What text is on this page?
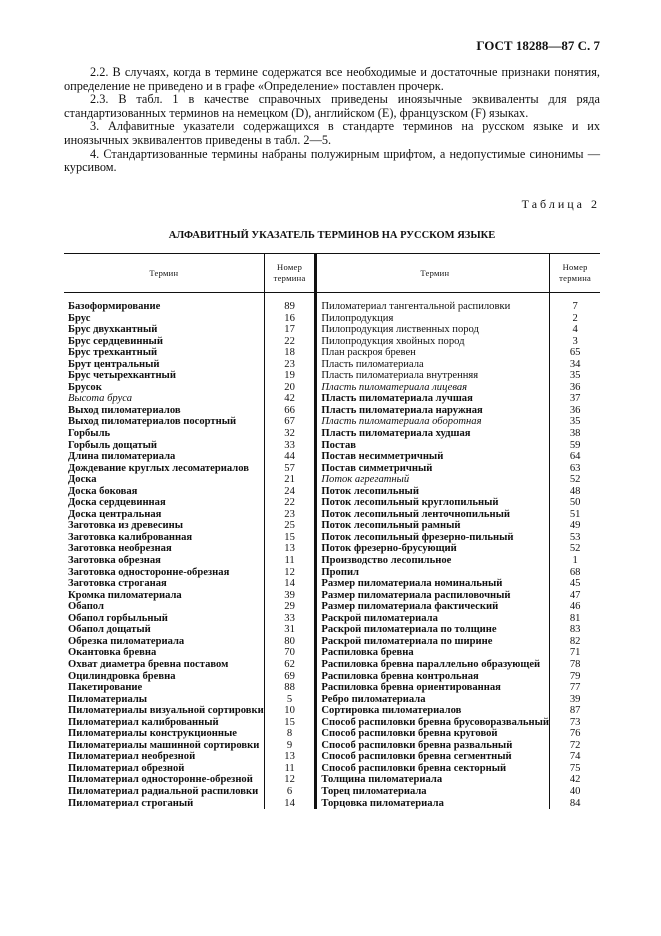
ГОСТ 18288—87 С. 7

2.2. В случаях, когда в термине содержатся все необходимые и достаточные признаки понятия, определение не приведено и в графе «Определение» поставлен прочерк.

2.3. В табл. 1 в качестве справочных приведены иноязычные эквиваленты для ряда стандартизованных терминов на немецком (D), английском (E), французском (F) языках.

3. Алфавитные указатели содержащихся в стандарте терминов на русском языке и их иноязычных эквивалентов приведены в табл. 2—5.

4. Стандартизованные термины набраны полужирным шрифтом, а недопустимые синонимы — курсивом.

Таблица 2
АЛФАВИТНЫЙ УКАЗАТЕЛЬ ТЕРМИНОВ НА РУССКОМ ЯЗЫКЕ
Термин	Номер термина	Термин	Номер термина

Базоформирование	89	Пиломатериал тангентальной распиловки	7
Брус	16	Пилопродукция	2
Брус двухкантный	17	Пилопродукция лиственных пород	4
Брус сердцевинный	22	Пилопродукция хвойных пород	3
Брус трехкантный	18	План раскроя бревен	65
Брут центральный	23	Пласть пиломатериала	34
Брус четырехкантный	19	Пласть пиломатериала внутренняя	35
Брусок	20	Пласть пиломатериала лицевая	36
Высота бруса	42	Пласть пиломатериала лучшая	37
Выход пиломатериалов	66	Пласть пиломатериала наружная	36
Выход пиломатериалов посортный	67	Пласть пиломатериала оборотная	35
Горбыль	32	Пласть пиломатериала худшая	38
Горбыль дощатый	33	Постав	59
Длина пиломатериала	44	Постав несимметричный	64
Дождевание круглых лесоматериалов	57	Постав симметричный	63
Доска	21	Поток агрегатный	52
Доска боковая	24	Поток лесопильный	48
Доска сердцевинная	22	Поток лесопильный круглопильный	50
Доска центральная	23	Поток лесопильный ленточнопильный	51
Заготовка из древесины	25	Поток лесопильный рамный	49
Заготовка калиброванная	15	Поток лесопильный фрезерно-пильный	53
Заготовка необрезная	13	Поток фрезерно-брусующий	52
Заготовка обрезная	11	Производство лесопильное	1
Заготовка односторонне-обрезная	12	Пропил	68
Заготовка строганая	14	Размер пиломатериала номинальный	45
Кромка пиломатериала	39	Размер пиломатериала распиловочный	47
Обапол	29	Размер пиломатериала фактический	46
Обапол горбыльный	33	Раскрой пиломатериала	81
Обапол дощатый	31	Раскрой пиломатериала по толщине	83
Обрезка пиломатериала	80	Раскрой пиломатериала по ширине	82
Окантовка бревна	70	Распиловка бревна	71
Охват диаметра бревна поставом	62	Распиловка бревна параллельно образующей	78
Оцилиндровка бревна	69	Распиловка бревна контрольная	79
Пакетирование	88	Распиловка бревна ориентированная	77
Пиломатериалы	5	Ребро пиломатериала	39
Пиломатериалы визуальной сортировки	10	Сортировка пиломатериалов	87
Пиломатериал калиброванный	15	Способ распиловки бревна брусоворазвальный	73
Пиломатериалы конструкционные	8	Способ распиловки бревна круговой	76
Пиломатериалы машинной сортировки	9	Способ распиловки бревна развальный	72
Пиломатериал необрезной	13	Способ распиловки бревна сегментный	74
Пиломатериал обрезной	11	Способ распиловки бревна секторный	75
Пиломатериал односторонне-обрезной	12	Толщина пиломатериала	42
Пиломатериал радиальной распиловки	6	Торец пиломатериала	40
Пиломатериал строганый	14	Торцовка пиломатериала	84
